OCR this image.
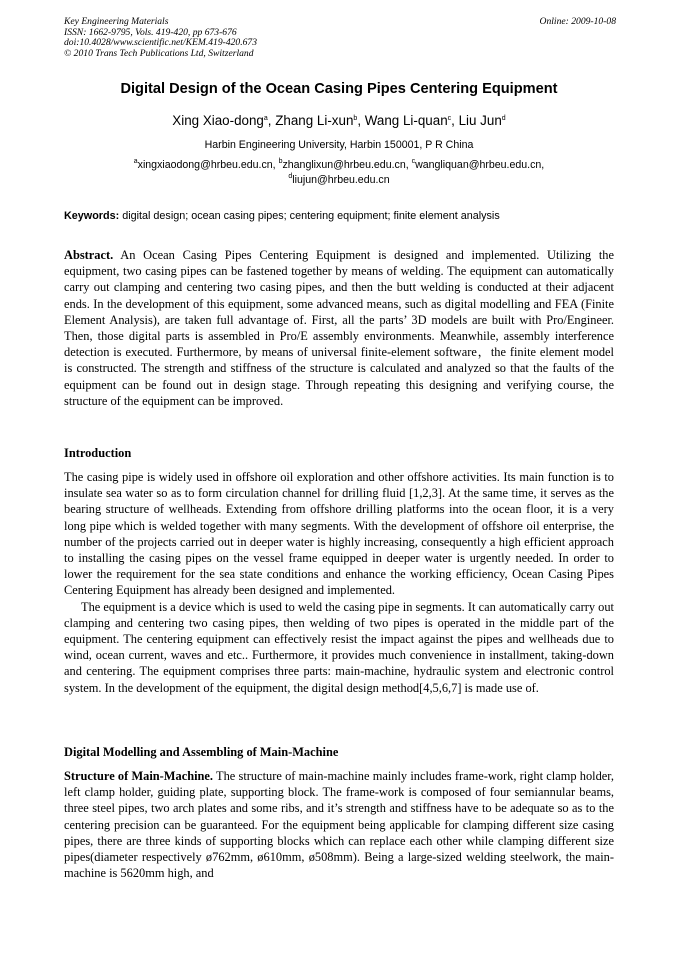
Key Engineering Materials
ISSN: 1662-9795, Vols. 419-420, pp 673-676
doi:10.4028/www.scientific.net/KEM.419-420.673
© 2010 Trans Tech Publications Ltd, Switzerland
Online: 2009-10-08
Digital Design of the Ocean Casing Pipes Centering Equipment
Xing Xiao-dong$^a$, Zhang Li-xun$^b$, Wang Li-quan$^c$, Liu Jun$^d$
Harbin Engineering University, Harbin 150001, P R China
$^a$xingxiaodong@hrbeu.edu.cn, $^b$zhanglixun@hrbeu.edu.cn, $^c$wangliquan@hrbeu.edu.cn,
$^d$liujun@hrbeu.edu.cn
Keywords: digital design; ocean casing pipes; centering equipment; finite element analysis

Abstract. An Ocean Casing Pipes Centering Equipment is designed and implemented. Utilizing the equipment, two casing pipes can be fastened together by means of welding. The equipment can automatically carry out clamping and centering two casing pipes, and then the butt welding is conducted at their adjacent ends. In the development of this equipment, some advanced means, such as digital modelling and FEA (Finite Element Analysis), are taken full advantage of. First, all the parts’ 3D models are built with Pro/Engineer. Then, those digital parts is assembled in Pro/E assembly environments. Meanwhile, assembly interference detection is executed. Furthermore, by means of universal finite-element software，the finite element model is constructed. The strength and stiffness of the structure is calculated and analyzed so that the faults of the equipment can be found out in design stage. Through repeating this designing and verifying course, the structure of the equipment can be improved.

Introduction

The casing pipe is widely used in offshore oil exploration and other offshore activities. Its main function is to insulate sea water so as to form circulation channel for drilling fluid [1,2,3]. At the same time, it serves as the bearing structure of wellheads. Extending from offshore drilling platforms into the ocean floor, it is a very long pipe which is welded together with many segments. With the development of offshore oil enterprise, the number of the projects carried out in deeper water is highly increasing, consequently a high efficient approach to installing the casing pipes on the vessel frame equipped in deeper water is urgently needed. In order to lower the requirement for the sea state conditions and enhance the working efficiency, Ocean Casing Pipes Centering Equipment has already been designed and implemented.

The equipment is a device which is used to weld the casing pipe in segments. It can automatically carry out clamping and centering two casing pipes, then welding of two pipes is operated in the middle part of the equipment. The centering equipment can effectively resist the impact against the pipes and wellheads due to wind, ocean current, waves and etc.. Furthermore, it provides much convenience in installment, taking-down and centering. The equipment comprises three parts: main-machine, hydraulic system and electronic control system. In the development of the equipment, the digital design method[4,5,6,7] is made use of.

Digital Modelling and Assembling of Main-Machine

Structure of Main-Machine. The structure of main-machine mainly includes frame-work, right clamp holder, left clamp holder, guiding plate, supporting block. The frame-work is composed of four semiannular beams, three steel pipes, two arch plates and some ribs, and it’s strength and stiffness have to be adequate so as to the centering precision can be guaranteed. For the equipment being applicable for clamping different size casing pipes, there are three kinds of supporting blocks which can replace each other while clamping different size pipes(diameter respectively ø762mm, ø610mm, ø508mm). Being a large-sized welding steelwork, the main-machine is 5620mm high, and
